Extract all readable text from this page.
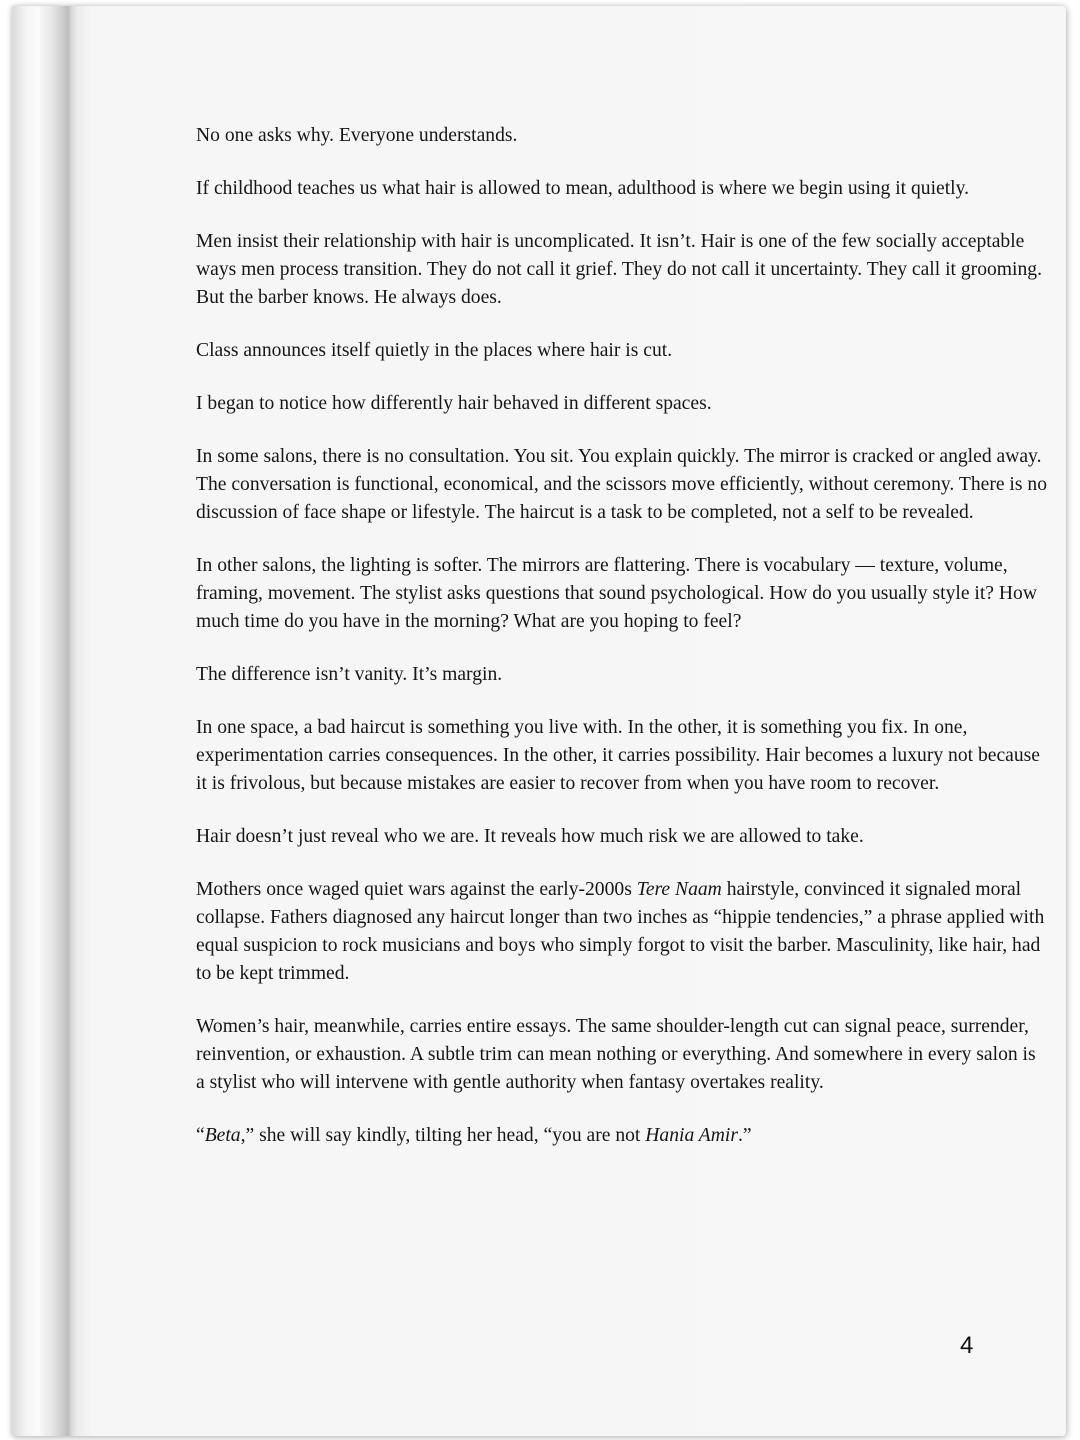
No one asks why. Everyone understands.

If childhood teaches us what hair is allowed to mean, adulthood is where we begin using it quietly.

Men insist their relationship with hair is uncomplicated. It isn’t. Hair is one of the few socially acceptable ways men process transition. They do not call it grief. They do not call it uncertainty. They call it grooming. But the barber knows. He always does.

Class announces itself quietly in the places where hair is cut.

I began to notice how differently hair behaved in different spaces.

In some salons, there is no consultation. You sit. You explain quickly. The mirror is cracked or angled away. The conversation is functional, economical, and the scissors move efficiently, without ceremony. There is no discussion of face shape or lifestyle. The haircut is a task to be completed, not a self to be revealed.

In other salons, the lighting is softer. The mirrors are flattering. There is vocabulary — texture, volume, framing, movement. The stylist asks questions that sound psychological. How do you usually style it? How much time do you have in the morning? What are you hoping to feel?

The difference isn’t vanity. It’s margin.

In one space, a bad haircut is something you live with. In the other, it is something you fix. In one, experimentation carries consequences. In the other, it carries possibility. Hair becomes a luxury not because it is frivolous, but because mistakes are easier to recover from when you have room to recover.

Hair doesn’t just reveal who we are. It reveals how much risk we are allowed to take.

Mothers once waged quiet wars against the early-2000s Tere Naam hairstyle, convinced it signaled moral collapse. Fathers diagnosed any haircut longer than two inches as “hippie tendencies,” a phrase applied with equal suspicion to rock musicians and boys who simply forgot to visit the barber. Masculinity, like hair, had to be kept trimmed.

Women’s hair, meanwhile, carries entire essays. The same shoulder-length cut can signal peace, surrender, reinvention, or exhaustion. A subtle trim can mean nothing or everything. And somewhere in every salon is a stylist who will intervene with gentle authority when fantasy overtakes reality.

“Beta,” she will say kindly, tilting her head, “you are not Hania Amir.”

4
